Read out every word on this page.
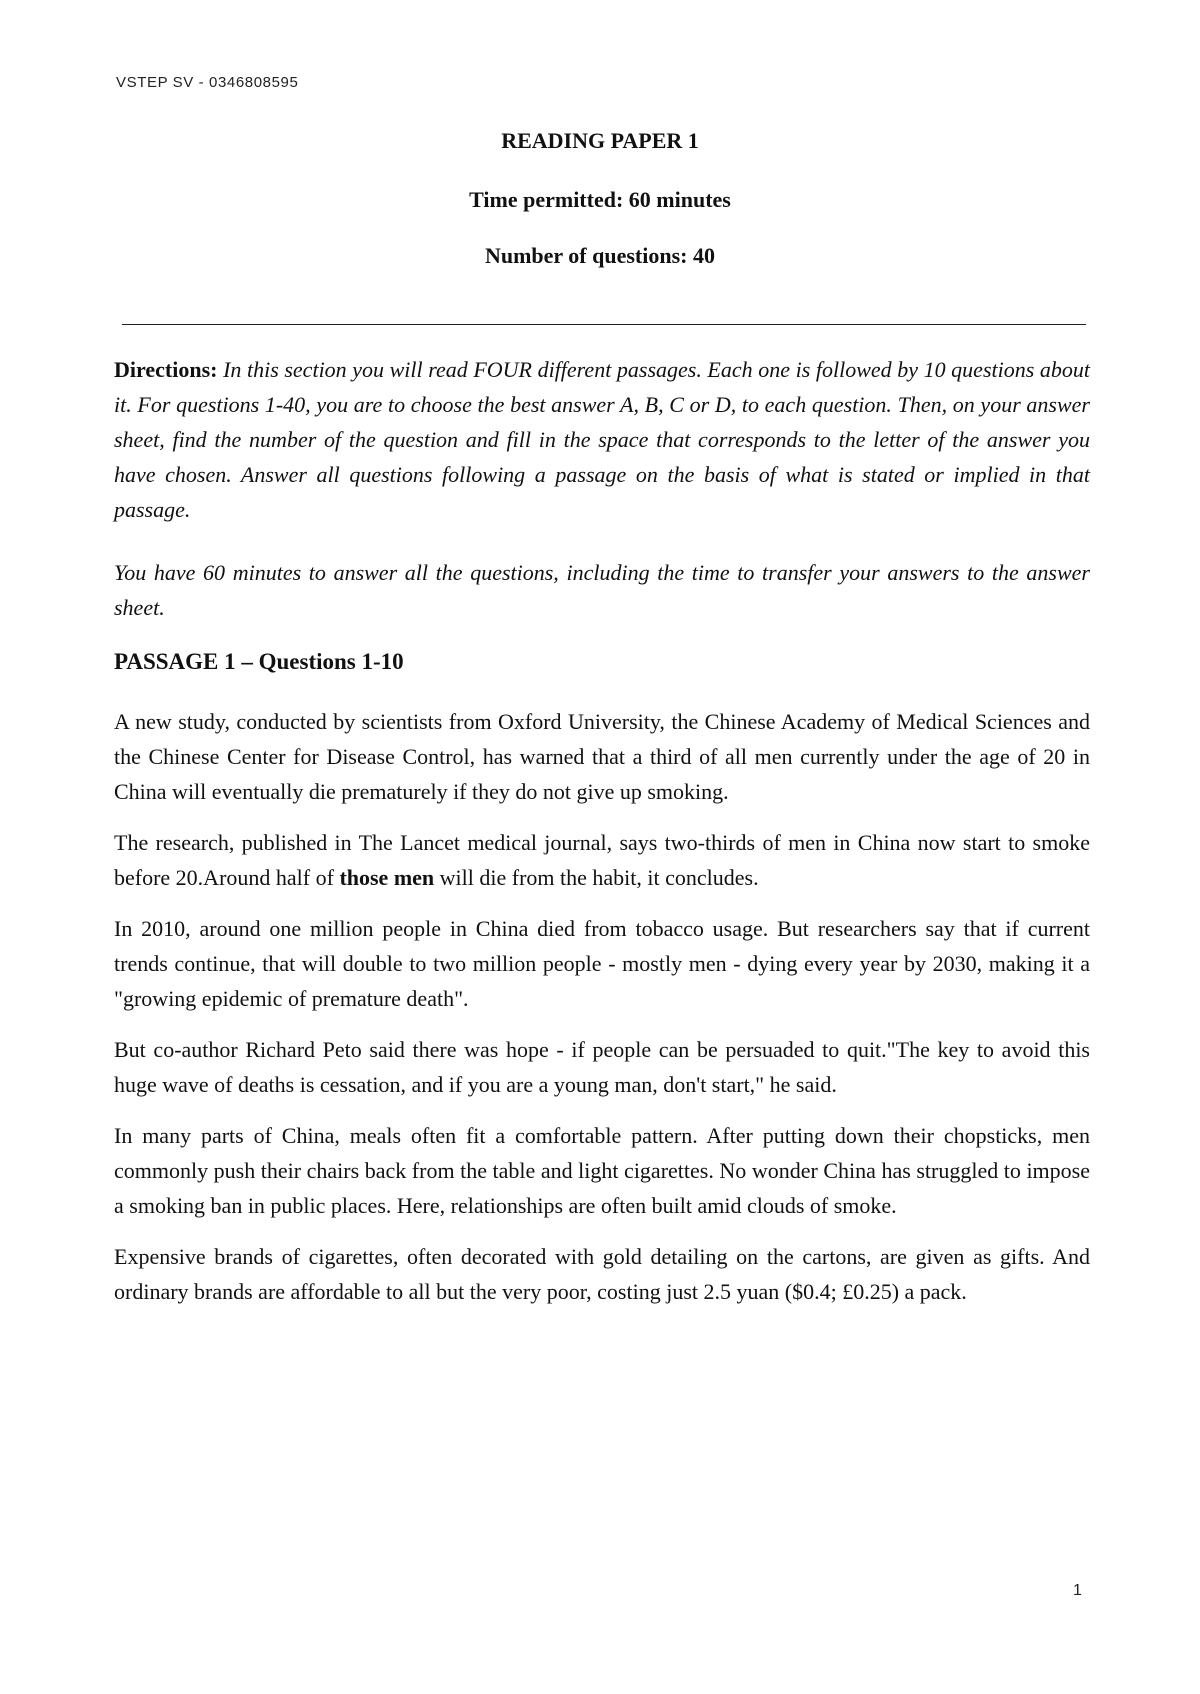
VSTEP SV - 0346808595
READING PAPER 1
Time permitted: 60 minutes
Number of questions: 40
Directions: In this section you will read FOUR different passages. Each one is followed by 10 questions about it. For questions 1-40, you are to choose the best answer A, B, C or D, to each question. Then, on your answer sheet, find the number of the question and fill in the space that corresponds to the letter of the answer you have chosen. Answer all questions following a passage on the basis of what is stated or implied in that passage.
You have 60 minutes to answer all the questions, including the time to transfer your answers to the answer sheet.
PASSAGE 1 – Questions 1-10

A new study, conducted by scientists from Oxford University, the Chinese Academy of Medical Sciences and the Chinese Center for Disease Control, has warned that a third of all men currently under the age of 20 in China will eventually die prematurely if they do not give up smoking.

The research, published in The Lancet medical journal, says two-thirds of men in China now start to smoke before 20.Around half of those men will die from the habit, it concludes.

In 2010, around one million people in China died from tobacco usage. But researchers say that if current trends continue, that will double to two million people - mostly men - dying every year by 2030, making it a "growing epidemic of premature death".

But co-author Richard Peto said there was hope - if people can be persuaded to quit."The key to avoid this huge wave of deaths is cessation, and if you are a young man, don't start," he said.

In many parts of China, meals often fit a comfortable pattern. After putting down their chopsticks, men commonly push their chairs back from the table and light cigarettes. No wonder China has struggled to impose a smoking ban in public places. Here, relationships are often built amid clouds of smoke.

Expensive brands of cigarettes, often decorated with gold detailing on the cartons, are given as gifts. And ordinary brands are affordable to all but the very poor, costing just 2.5 yuan ($0.4; £0.25) a pack.

1
